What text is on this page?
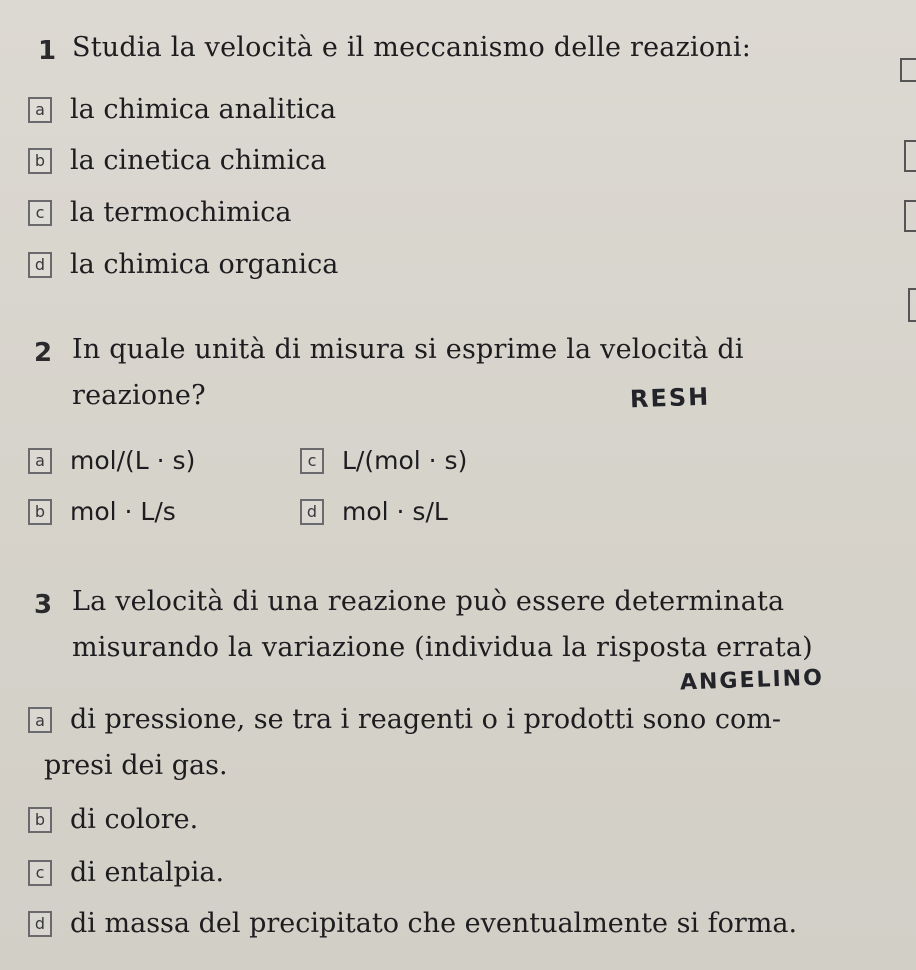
1 Studia la velocità e il meccanismo delle reazioni:
a la chimica analitica
b la cinetica chimica
c la termochimica
d la chimica organica
2 In quale unità di misura si esprime la velocità di
reazione?	RESH
a mol/(L · s)
b mol · L/s
c	L/(mol · s)
d mol · s/L
3 La velocità di una reazione può essere determinata
misurando la variazione (individua la risposta errata)
ANGELINO
a di pressione, se tra i reagenti o i prodotti sono com-
presi dei gas.
b di colore.
c di entalpia.
d di massa del precipitato che eventualmente si forma.
